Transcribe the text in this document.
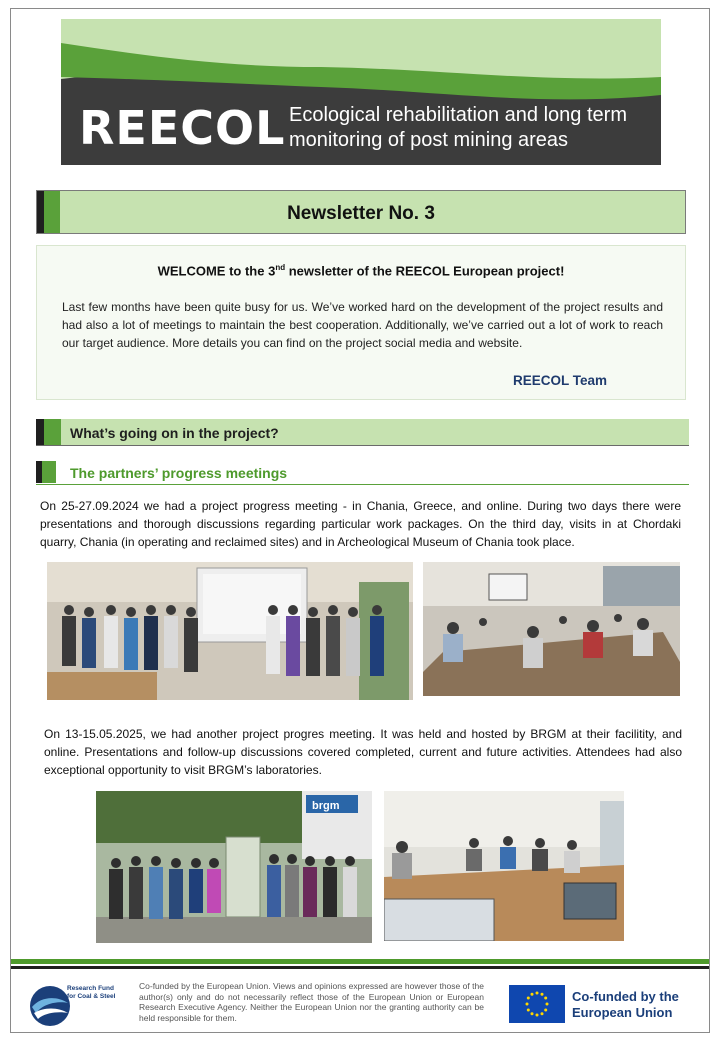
REECOL Ecological rehabilitation and long term monitoring of post mining areas
Newsletter No. 3
WELCOME to the 3nd newsletter of the REECOL European project!
Last few months have been quite busy for us. We’ve worked hard on the development of the project results and had also a lot of meetings to maintain the best cooperation. Additionally, we’ve carried out a lot of work to reach our target audience. More details you can find on the project social media and website.
REECOL Team
What’s going on in the project?
The partners’ progress meetings
On 25-27.09.2024 we had a project progress meeting - in Chania, Greece, and online. During two days there were presentations and thorough discussions regarding particular work packages. On the third day, visits in at Chordaki quarry, Chania (in operating and reclaimed sites) and in Archeological Museum of Chania took place.
On 13-15.05.2025, we had another project progres meeting. It was held and hosted by BRGM at their facilitity, and online. Presentations and follow-up discussions covered completed, current and future activities. Attendees had also exceptional opportunity to visit BRGM’s laboratories.
brgm
Research Fund for Coal & Steel
Co-funded by the European Union. Views and opinions expressed are however those of the author(s) only and do not necessarily reflect those of the European Union or European Research Executive Agency. Neither the European Union nor the granting authority can be held responsible for them.
Co-funded by the European Union
